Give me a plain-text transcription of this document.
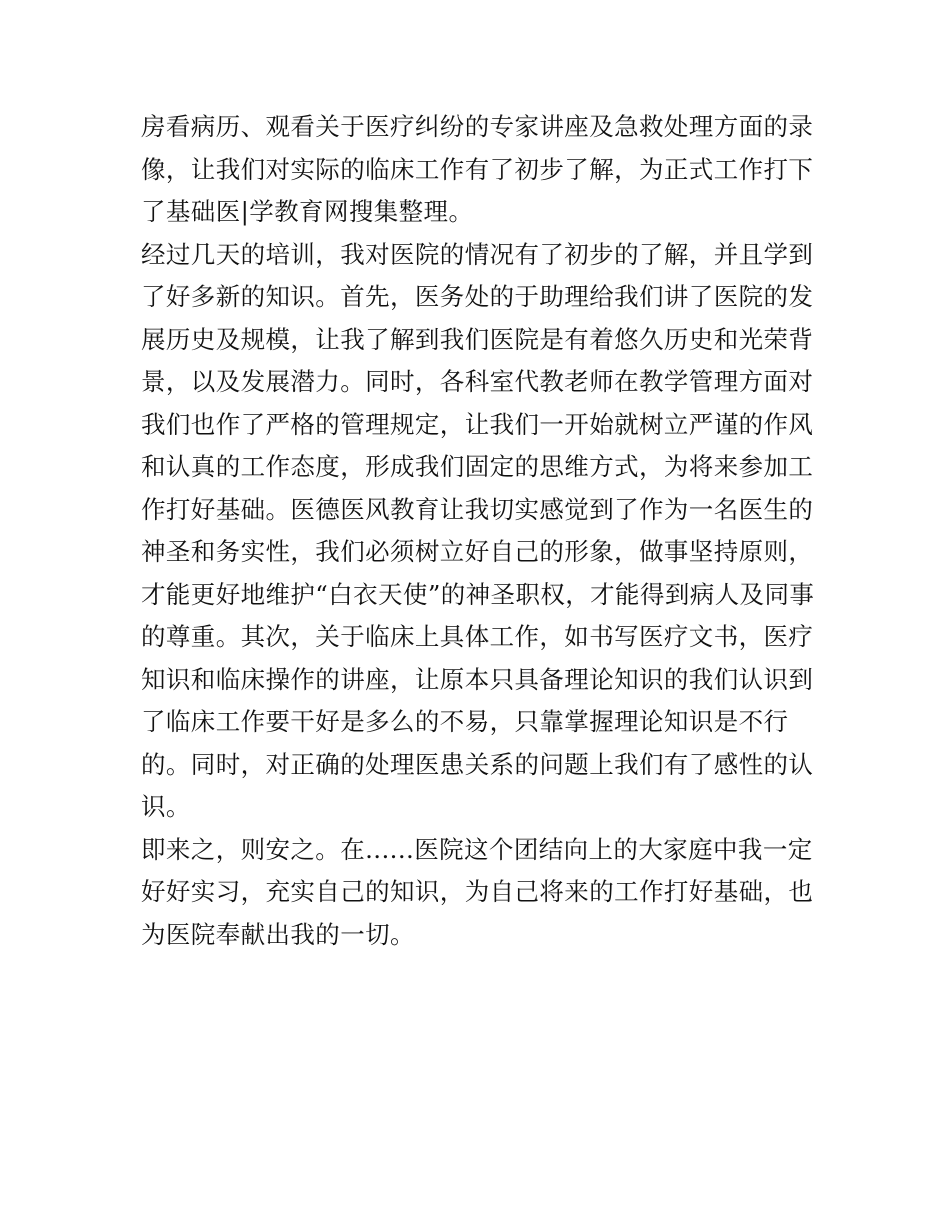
房看病历、观看关于医疗纠纷的专家讲座及急救处理方面的录
像，让我们对实际的临床工作有了初步了解，为正式工作打下
了基础医|学教育网搜集整理。
经过几天的培训，我对医院的情况有了初步的了解，并且学到
了好多新的知识。首先，医务处的于助理给我们讲了医院的发
展历史及规模，让我了解到我们医院是有着悠久历史和光荣背
景，以及发展潜力。同时，各科室代教老师在教学管理方面对
我们也作了严格的管理规定，让我们一开始就树立严谨的作风
和认真的工作态度，形成我们固定的思维方式，为将来参加工
作打好基础。医德医风教育让我切实感觉到了作为一名医生的
神圣和务实性，我们必须树立好自己的形象，做事坚持原则，
才能更好地维护“白衣天使”的神圣职权，才能得到病人及同事
的尊重。其次，关于临床上具体工作，如书写医疗文书，医疗
知识和临床操作的讲座，让原本只具备理论知识的我们认识到
了临床工作要干好是多么的不易，只靠掌握理论知识是不行
的。同时，对正确的处理医患关系的问题上我们有了感性的认
识。
即来之，则安之。在......医院这个团结向上的大家庭中我一定
好好实习，充实自己的知识，为自己将来的工作打好基础，也
为医院奉献出我的一切。
